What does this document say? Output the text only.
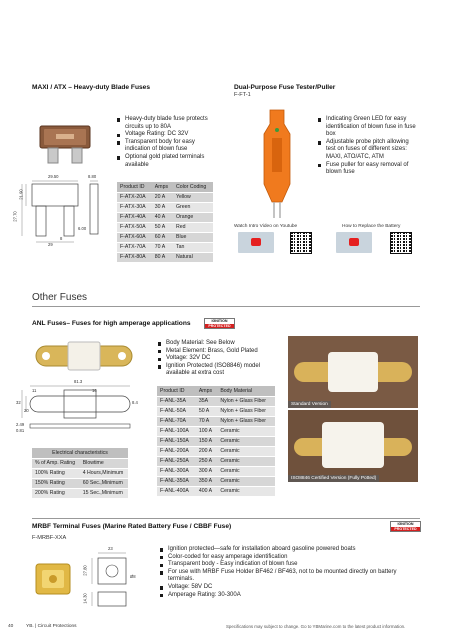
MAXI / ATX – Heavy-duty Blade Fuses
29.50	8.80
21.90
27.70
6.00
8
29
Heavy-duty blade fuse protects circuits up to 80A
Voltage Rating: DC 32V
Transparent body for easy indication of blown fuse
Optional gold plated terminals available
Product ID	Amps	Color Coding
F-ATX-20A	20 A	Yellow
F-ATX-30A	30 A	Green
F-ATX-40A	40 A	Orange
F-ATX-50A	50 A	Red
F-ATX-60A	60 A	Blue
F-ATX-70A	70 A	Tan
F-ATX-80A	80 A	Natural
Dual-Purpose Fuse Tester/Puller
F-FT-1
Indicating Green LED for easy identification of blown fuse in fuse box
Adjustable probe pitch allowing test on fuses of different sizes: MAXI, ATO/ATC, ATM
Fuse puller for easy removal of blown fuse
Watch Intro Video on Youtube	How to Replace the Battery
Other Fuses
ANL Fuses– Fuses for high amperage applications	IGNITION
PROTECTED
81.3
16
11
32
20
2.49
0.81
8.4
Electrical characteristics	
% of Amp. Rating	Blowtime
100% Rating	4 Hours,Minimum
150% Rating	60 Sec.,Minimum
200% Rating	15 Sec.,Minimum
Body Material: See Below
Metal Element: Brass, Gold Plated
Voltage: 32V DC
Ignition Protected (ISO8846) model available at extra cost
Product ID	Amps	Body Material
F-ANL-35A	35A	Nylon + Glass Fiber
F-ANL-50A	50 A	Nylon + Glass Fiber
F-ANL-70A	70 A	Nylon + Glass Fiber
F-ANL-100A	100 A	Ceramic
F-ANL-150A	150 A	Ceramic
F-ANL-200A	200 A	Ceramic
F-ANL-250A	250 A	Ceramic
F-ANL-300A	300 A	Ceramic
F-ANL-350A	350 A	Ceramic
F-ANL-400A	400 A	Ceramic
Standard Version
ISO8846 Certified Version (Fully Potted)
MRBF Terminal Fuses (Marine Rated Battery Fuse / CBBF Fuse)
F-MRBF-XXA
IGNITION
PROTECTED
23
27.80
Ø8
14.30
Ignition protected—safe for installation aboard gasoline powered boats
Color-coded for easy amperage identification
Transparent body - Easy indication of blown fuse
For use with MRBF Fuse Holder BF462 / BF463, not to be mounted directly on battery terminals.
Voltage: 58V DC
Amperage Rating: 30-300A
40	YB. | Circuit Protections	Specifications may subject to change. Go to YBMarine.com to the latest product information.
